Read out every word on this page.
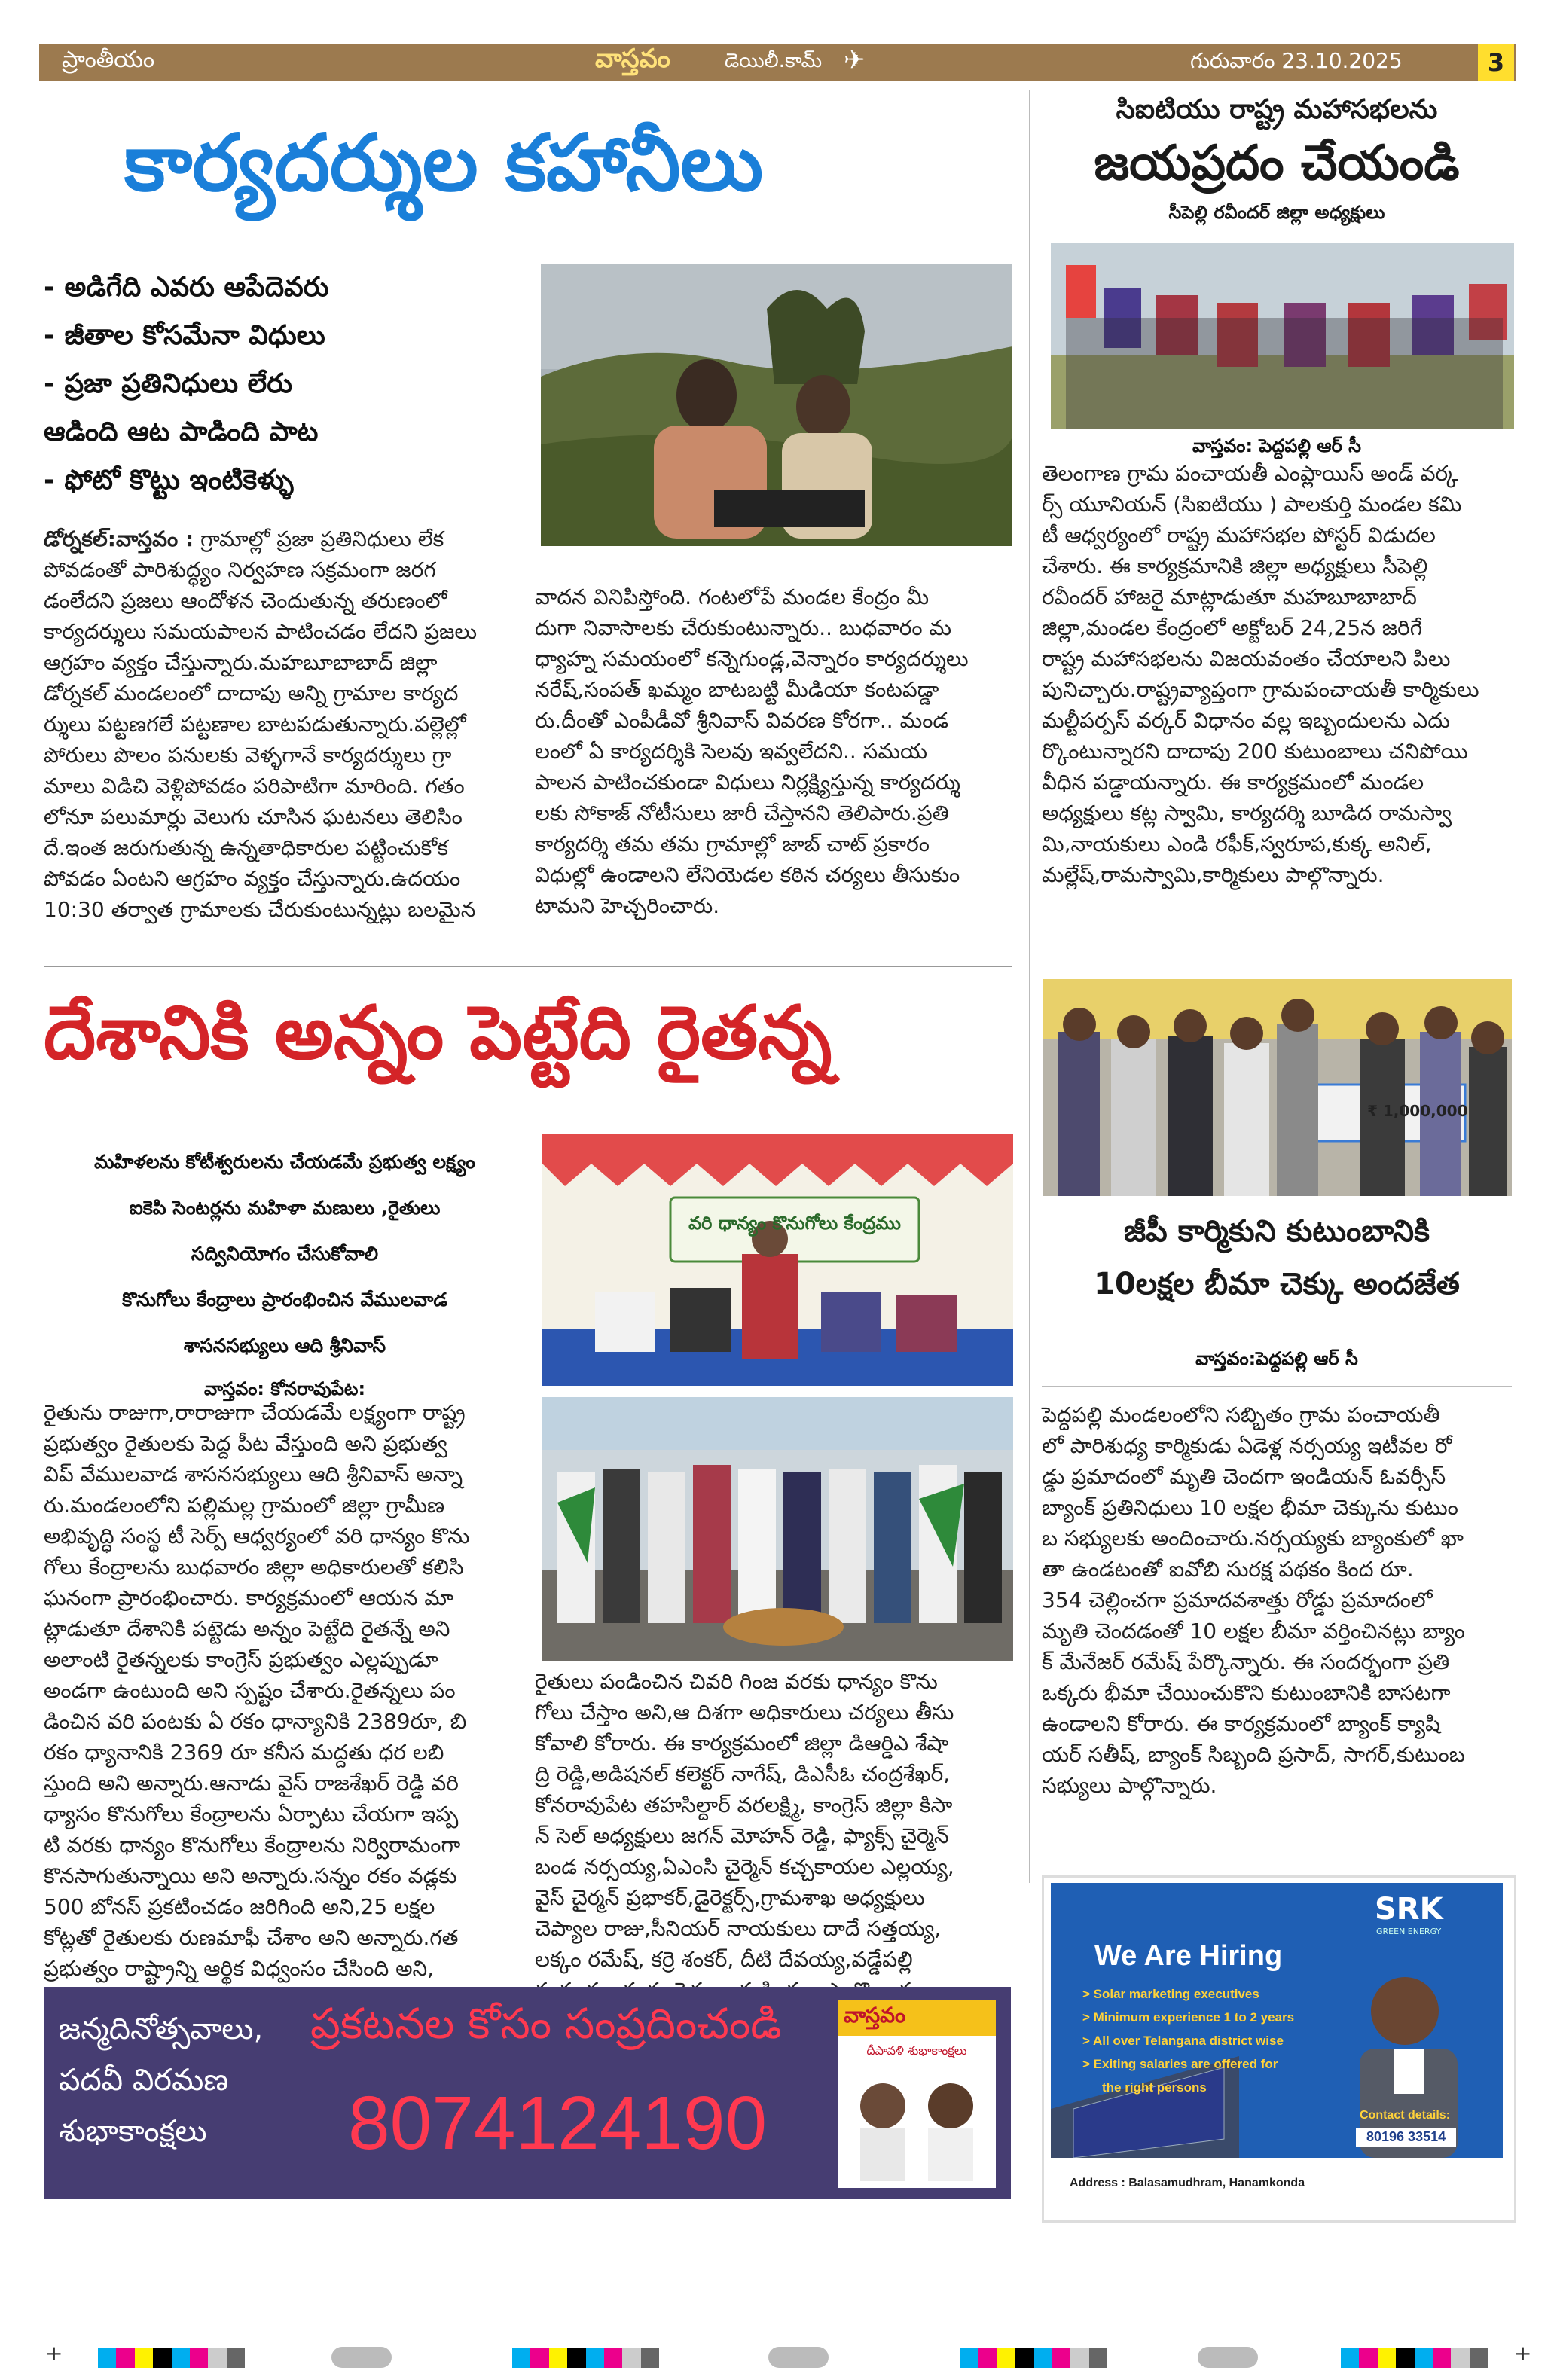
ప్రాంతీయం	వాస్తవం	డెయిలీ.కామ్ ✈	గురువారం 23.10.2025	3
కార్యదర్శుల కహానీలు
- అడిగేది ఎవరు ఆపేదెవరు
- జీతాల కోసమేనా విధులు
- ప్రజా ప్రతినిధులు లేరు
ఆడింది ఆట పాడింది పాట
- ఫోటో కొట్టు ఇంటికెళ్ళు
డోర్నకల్:వాస్తవం : గ్రామాల్లో ప్రజా ప్రతినిధులు లేక
పోవడంతో పారిశుద్ధ్యం నిర్వహణ సక్రమంగా జరగ
డంలేదని ప్రజలు ఆందోళన చెందుతున్న తరుణంలో
కార్యదర్శులు సమయపాలన పాటించడం లేదని ప్రజలు
ఆగ్రహం వ్యక్తం చేస్తున్నారు.మహబూబాబాద్ జిల్లా
డోర్నకల్ మండలంలో దాదాపు అన్ని గ్రామాల కార్యద
ర్శులు పట్టణగలే పట్టణాల బాటపడుతున్నారు.పల్లెల్లో
పోరులు పొలం పనులకు వెళ్ళగానే కార్యదర్శులు గ్రా
మాలు విడిచి వెళ్లిపోవడం పరిపాటిగా మారింది. గతం
లోనూ పలుమార్లు వెలుగు చూసిన ఘటనలు తెలిసిం
దే.ఇంత జరుగుతున్న ఉన్నతాధికారుల పట్టించుకోక
పోవడం ఏంటని ఆగ్రహం వ్యక్తం చేస్తున్నారు.ఉదయం
10:30 తర్వాత గ్రామాలకు చేరుకుంటున్నట్లు బలమైన
వాదన వినిపిస్తోంది. గంటలోపే మండల కేంద్రం మీ
దుగా నివాసాలకు చేరుకుంటున్నారు.. బుధవారం మ
ధ్యాహ్న సమయంలో కన్నెగుండ్ల,వెన్నారం కార్యదర్శులు
నరేష్,సంపత్ ఖమ్మం బాటబట్టి మీడియా కంటపడ్డా
రు.దీంతో ఎంపీడీవో శ్రీనివాస్ వివరణ కోరగా.. మండ
లంలో ఏ కార్యదర్శికి సెలవు ఇవ్వలేదని.. సమయ
పాలన పాటించకుండా విధులు నిర్లక్ష్యిస్తున్న కార్యదర్శు
లకు సోకాజ్ నోటీసులు జారీ చేస్తానని తెలిపారు.ప్రతి
కార్యదర్శి తమ తమ గ్రామాల్లో జాబ్ చాట్ ప్రకారం
విధుల్లో ఉండాలని లేనియెడల కఠిన చర్యలు తీసుకుం
టామని హెచ్చరించారు.
సిఐటియు రాష్ట్ర మహాసభలను
జయప్రదం చేయండి
సీపెల్లి రవీందర్ జిల్లా అధ్యక్షులు
వాస్తవం: పెద్దపల్లి ఆర్ సీ
తెలంగాణ గ్రామ పంచాయతీ ఎంప్లాయిస్ అండ్ వర్క
ర్స్ యూనియన్ (సిఐటియు ) పాలకుర్తి మండల కమి
టీ ఆధ్వర్యంలో రాష్ట్ర మహాసభల పోస్టర్ విడుదల
చేశారు. ఈ కార్యక్రమానికి జిల్లా అధ్యక్షులు సీపెల్లి
రవీందర్ హాజరై మాట్లాడుతూ మహబూబాబాద్
జిల్లా,మండల కేంద్రంలో అక్టోబర్ 24,25న జరిగే
రాష్ట్ర మహాసభలను విజయవంతం చేయాలని పిలు
పునిచ్చారు.రాష్ట్రవ్యాప్తంగా గ్రామపంచాయతీ కార్మికులు
మల్టీపర్పస్ వర్కర్ విధానం వల్ల ఇబ్బందులను ఎదు
ర్కొంటున్నారని దాదాపు 200 కుటుంబాలు చనిపోయి
వీధిన పడ్డాయన్నారు. ఈ కార్యక్రమంలో మండల
అధ్యక్షులు కట్ల స్వామి, కార్యదర్శి బూడిద రామస్వా
మి,నాయకులు ఎండి రఫీక్,స్వరూప,కుక్క అనిల్,
మల్లేష్,రామస్వామి,కార్మికులు పాల్గొన్నారు.
₹ 1,000,000
జీపీ కార్మికుని కుటుంబానికి
10లక్షల బీమా చెక్కు అందజేత
వాస్తవం:పెద్దపల్లి ఆర్ సీ
పెద్దపల్లి మండలంలోని సబ్బితం గ్రామ పంచాయతీ
లో పారిశుధ్య కార్మికుడు ఏడెళ్ల నర్సయ్య ఇటీవల రో
డ్డు ప్రమాదంలో మృతి చెందగా ఇండియన్ ఓవర్సీస్
బ్యాంక్ ప్రతినిధులు 10 లక్షల భీమా చెక్కును కుటుం
బ సభ్యులకు అందించారు.నర్సయ్యకు బ్యాంకులో ఖా
తా ఉండటంతో ఐవోబి సురక్ష పథకం కింద రూ.
354 చెల్లించగా ప్రమాదవశాత్తు రోడ్డు ప్రమాదంలో
మృతి చెందడంతో 10 లక్షల బీమా వర్తించినట్లు బ్యాం
క్ మేనేజర్ రమేష్ పేర్కొన్నారు. ఈ సందర్భంగా ప్రతి
ఒక్కరు భీమా చేయించుకొని కుటుంబానికి బాసటగా
ఉండాలని కోరారు. ఈ కార్యక్రమంలో బ్యాంక్ క్యాషి
యర్ సతీష్, బ్యాంక్ సిబ్బంది ప్రసాద్, సాగర్,కుటుంబ
సభ్యులు పాల్గొన్నారు.
దేశానికి అన్నం పెట్టేది రైతన్న
మహిళలను కోటీశ్వరులను చేయడమే ప్రభుత్వ లక్ష్యం
ఐకెపి సెంటర్లను మహిళా మణులు ,రైతులు
సద్వినియోగం చేసుకోవాలి
కొనుగోలు కేంద్రాలు ప్రారంభించిన వేములవాడ
శాసనసభ్యులు ఆది శ్రీనివాస్
వాస్తవం: కోనరావుపేట:
వరి ధాన్యం కొనుగోలు కేంద్రము
రైతును రాజుగా,రారాజుగా చేయడమే లక్ష్యంగా రాష్ట్ర
ప్రభుత్వం రైతులకు పెద్ద పీట వేస్తుంది అని ప్రభుత్వ
విప్ వేములవాడ శాసనసభ్యులు ఆది శ్రీనివాస్ అన్నా
రు.మండలంలోని పల్లిమల్ల గ్రామంలో జిల్లా గ్రామీణ
అభివృద్ధి సంస్థ టీ సెర్ప్ ఆధ్వర్యంలో వరి ధాన్యం కొను
గోలు కేంద్రాలను బుధవారం జిల్లా అధికారులతో కలిసి
ఘనంగా ప్రారంభించారు. కార్యక్రమంలో ఆయన మా
ట్లాడుతూ దేశానికి పట్టెడు అన్నం పెట్టేది రైతన్నే అని
అలాంటి రైతన్నలకు కాంగ్రెస్ ప్రభుత్వం ఎల్లప్పుడూ
అండగా ఉంటుంది అని స్పష్టం చేశారు.రైతన్నలు పం
డించిన వరి పంటకు ఏ రకం ధాన్యానికి 2389రూ, బి
రకం ధ్యానానికి 2369 రూ కనీస మద్దతు ధర లబి
స్తుంది అని అన్నారు.ఆనాడు వైస్ రాజశేఖర్ రెడ్డి వరి
ధ్యాసం కొనుగోలు కేంద్రాలను ఏర్పాటు చేయగా ఇప్ప
టి వరకు ధాన్యం కొనుగోలు కేంద్రాలను నిర్విరామంగా
కొనసాగుతున్నాయి అని అన్నారు.సన్నం రకం వడ్లకు
500 బోనస్ ప్రకటించడం జరిగింది అని,25 లక్షల
కోట్లతో రైతులకు రుణమాఫీ చేశాం అని అన్నారు.గత
ప్రభుత్వం రాష్ట్రాన్ని ఆర్థిక విధ్వంసం చేసింది అని,
రైతులు పండించిన చివరి గింజ వరకు ధాన్యం కొను
గోలు చేస్తాం అని,ఆ దిశగా అధికారులు చర్యలు తీసు
కోవాలి కోరారు. ఈ కార్యక్రమంలో జిల్లా డిఆర్డిఎ శేషా
ద్రి రెడ్డి,అడిషనల్ కలెక్టర్ నాగేష్, డిఎసీఓ చంద్రశేఖర్,
కోనరావుపేట తహసిల్దార్ వరలక్ష్మి, కాంగ్రెస్ జిల్లా కిసా
న్ సెల్ అధ్యక్షులు జగన్ మోహన్ రెడ్డి, ఫ్యాక్స్ చైర్మెన్
బండ నర్సయ్య,ఏఎంసి చైర్మెన్ కచ్చకాయల ఎల్లయ్య,
వైస్ చైర్మన్ ప్రభాకర్,డైరెక్టర్స్,గ్రామశాఖ అధ్యక్షులు
చెప్యాల రాజు,సీనియర్ నాయకులు దాదే సత్తయ్య,
లక్కం రమేష్, కర్రె శంకర్, దీటి దేవయ్య,వడ్డేపల్లి
జన్మదినోత్సవాలు,
పదవీ విరమణ
శుభాకాంక్షలు
ప్రకటనల కోసం సంప్రదించండి
8074124190
వాస్తవం
దీపావళి శుభాకాంక్షలు
SRK
GREEN ENERGY
We Are Hiring
> Solar marketing executives
> Minimum experience 1 to 2 years
> All over Telangana district wise
> Exiting salaries are offered for
the right persons
Contact details:
80196 33514
Address : Balasamudhram, Hanamkonda
+	+
